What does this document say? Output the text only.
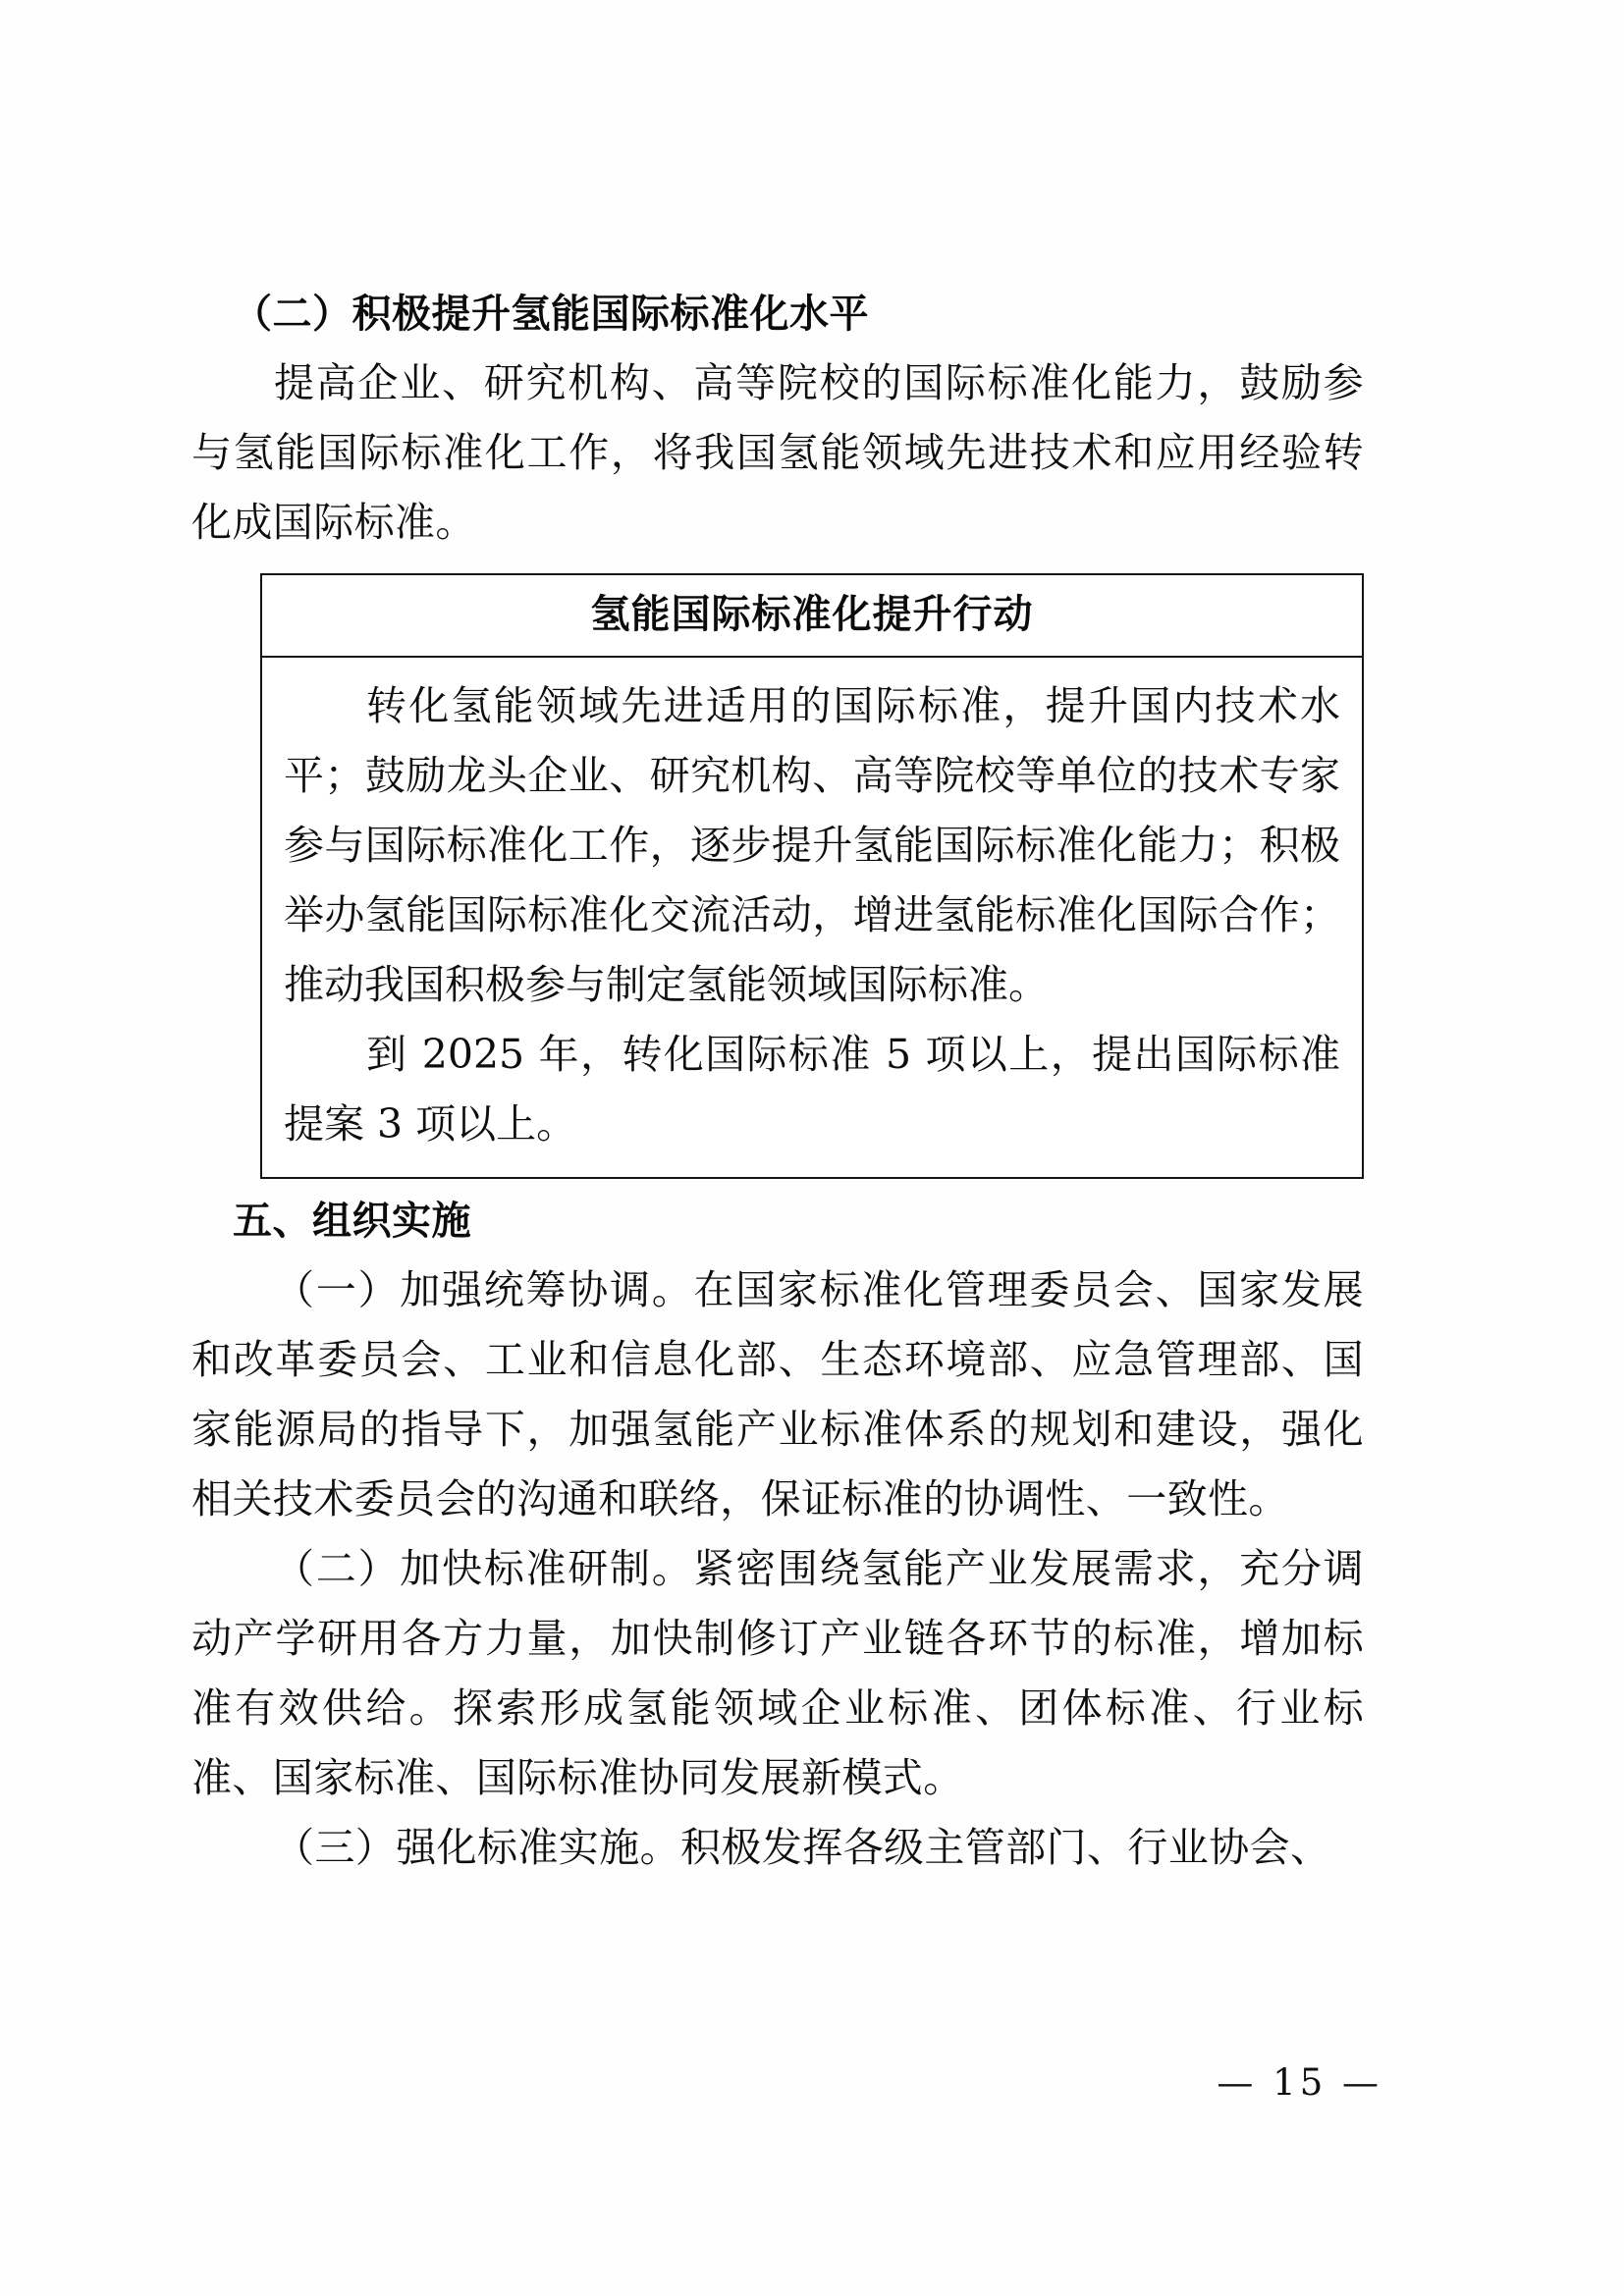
（二）积极提升氢能国际标准化水平

提高企业、研究机构、高等院校的国际标准化能力，鼓励参与氢能国际标准化工作，将我国氢能领域先进技术和应用经验转化成国际标准。

氢能国际标准化提升行动

转化氢能领域先进适用的国际标准，提升国内技术水平；鼓励龙头企业、研究机构、高等院校等单位的技术专家参与国际标准化工作，逐步提升氢能国际标准化能力；积极举办氢能国际标准化交流活动，增进氢能标准化国际合作；推动我国积极参与制定氢能领域国际标准。

到 2025 年，转化国际标准 5 项以上，提出国际标准提案 3 项以上。

五、组织实施

（一）加强统筹协调。在国家标准化管理委员会、国家发展和改革委员会、工业和信息化部、生态环境部、应急管理部、国家能源局的指导下，加强氢能产业标准体系的规划和建设，强化相关技术委员会的沟通和联络，保证标准的协调性、一致性。

（二）加快标准研制。紧密围绕氢能产业发展需求，充分调动产学研用各方力量，加快制修订产业链各环节的标准，增加标准有效供给。探索形成氢能领域企业标准、团体标准、行业标准、国家标准、国际标准协同发展新模式。

（三）强化标准实施。积极发挥各级主管部门、行业协会、

— 15 —
